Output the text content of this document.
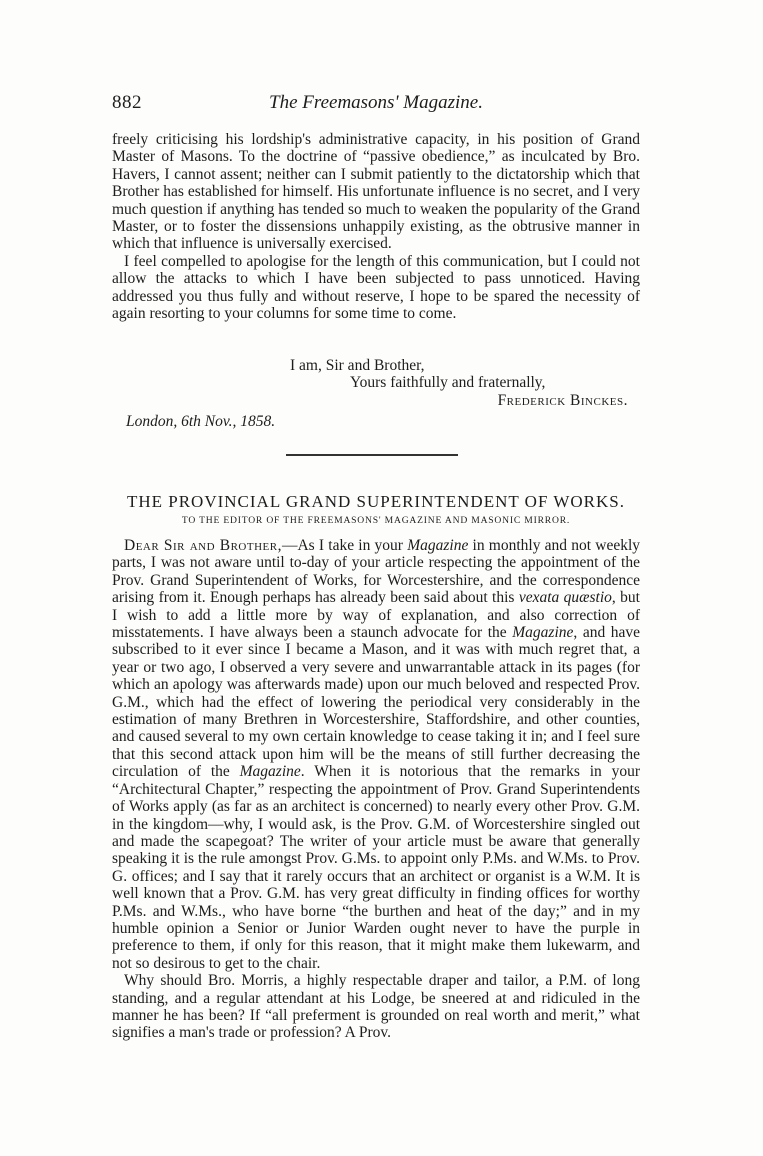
882	The Freemasons' Magazine.

freely criticising his lordship's administrative capacity, in his position of Grand Master of Masons. To the doctrine of “passive obedience,” as inculcated by Bro. Havers, I cannot assent; neither can I submit patiently to the dictatorship which that Brother has established for himself. His unfortunate influence is no secret, and I very much question if anything has tended so much to weaken the popularity of the Grand Master, or to foster the dissensions unhappily existing, as the obtrusive manner in which that influence is universally exercised.

I feel compelled to apologise for the length of this communication, but I could not allow the attacks to which I have been subjected to pass unnoticed. Having addressed you thus fully and without reserve, I hope to be spared the necessity of again resorting to your columns for some time to come.

I am, Sir and Brother,
Yours faithfully and fraternally,
Frederick Binckes.
London, 6th Nov., 1858.
THE PROVINCIAL GRAND SUPERINTENDENT OF WORKS.
TO THE EDITOR OF THE FREEMASONS' MAGAZINE AND MASONIC MIRROR.

Dear Sir and Brother,—As I take in your Magazine in monthly and not weekly parts, I was not aware until to-day of your article respecting the appointment of the Prov. Grand Superintendent of Works, for Worcestershire, and the correspondence arising from it. Enough perhaps has already been said about this vexata quæstio, but I wish to add a little more by way of explanation, and also correction of misstatements. I have always been a staunch advocate for the Magazine, and have subscribed to it ever since I became a Mason, and it was with much regret that, a year or two ago, I observed a very severe and unwarrantable attack in its pages (for which an apology was afterwards made) upon our much beloved and respected Prov. G.M., which had the effect of lowering the periodical very considerably in the estimation of many Brethren in Worcestershire, Staffordshire, and other counties, and caused several to my own certain knowledge to cease taking it in; and I feel sure that this second attack upon him will be the means of still further decreasing the circulation of the Magazine. When it is notorious that the remarks in your “Architectural Chapter,” respecting the appointment of Prov. Grand Superintendents of Works apply (as far as an architect is concerned) to nearly every other Prov. G.M. in the kingdom—why, I would ask, is the Prov. G.M. of Worcestershire singled out and made the scapegoat? The writer of your article must be aware that generally speaking it is the rule amongst Prov. G.Ms. to appoint only P.Ms. and W.Ms. to Prov. G. offices; and I say that it rarely occurs that an architect or organist is a W.M. It is well known that a Prov. G.M. has very great difficulty in finding offices for worthy P.Ms. and W.Ms., who have borne “the burthen and heat of the day;” and in my humble opinion a Senior or Junior Warden ought never to have the purple in preference to them, if only for this reason, that it might make them lukewarm, and not so desirous to get to the chair.

Why should Bro. Morris, a highly respectable draper and tailor, a P.M. of long standing, and a regular attendant at his Lodge, be sneered at and ridiculed in the manner he has been? If “all preferment is grounded on real worth and merit,” what signifies a man's trade or profession? A Prov.
